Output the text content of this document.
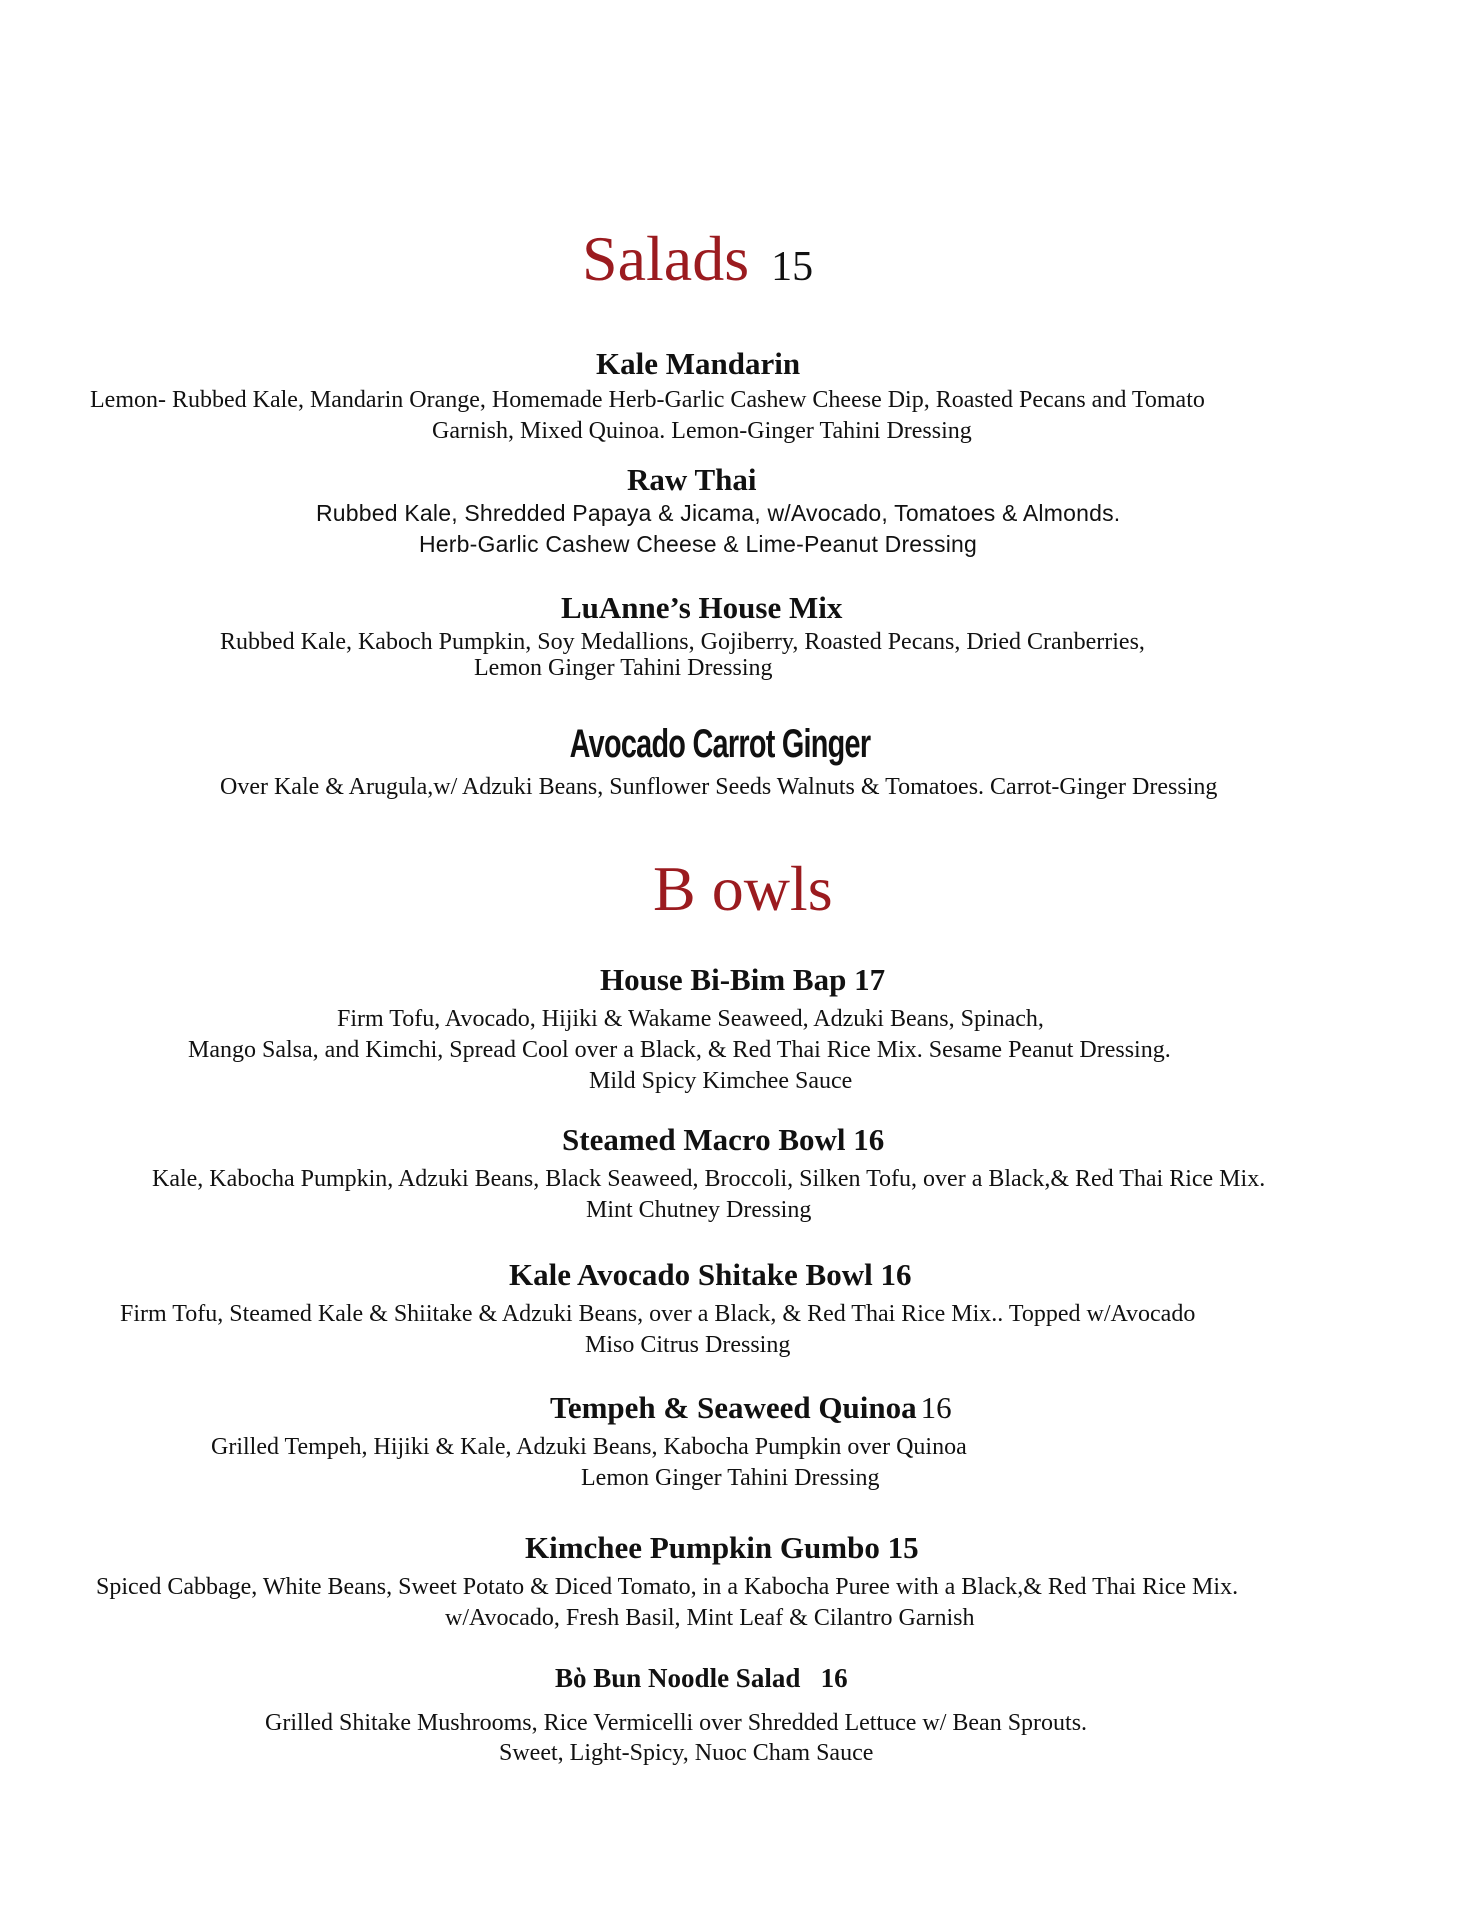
Salads 15
Kale Mandarin
Lemon- Rubbed Kale, Mandarin Orange, Homemade Herb-Garlic Cashew Cheese Dip, Roasted Pecans and Tomato
Garnish, Mixed Quinoa. Lemon-Ginger Tahini Dressing
Raw Thai
Rubbed Kale, Shredded Papaya & Jicama, w/Avocado, Tomatoes & Almonds.
Herb-Garlic Cashew Cheese & Lime-Peanut Dressing
LuAnne’s House Mix
Rubbed Kale, Kaboch Pumpkin, Soy Medallions, Gojiberry, Roasted Pecans, Dried Cranberries,
Lemon Ginger Tahini Dressing
Avocado Carrot Ginger
Over Kale & Arugula,w/ Adzuki Beans, Sunflower Seeds Walnuts & Tomatoes. Carrot-Ginger Dressing
B owls
House Bi-Bim Bap 17
Firm Tofu, Avocado, Hijiki & Wakame Seaweed, Adzuki Beans, Spinach,
Mango Salsa, and Kimchi, Spread Cool over a Black, & Red Thai Rice Mix. Sesame Peanut Dressing.
Mild Spicy Kimchee Sauce
Steamed Macro Bowl 16
Kale, Kabocha Pumpkin, Adzuki Beans, Black Seaweed, Broccoli, Silken Tofu, over a Black,& Red Thai Rice Mix.
Mint Chutney Dressing
Kale Avocado Shitake Bowl 16
Firm Tofu, Steamed Kale & Shiitake & Adzuki Beans, over a Black, & Red Thai Rice Mix.. Topped w/Avocado
Miso Citrus Dressing
Tempeh & Seaweed Quinoa 16
Grilled Tempeh, Hijiki & Kale, Adzuki Beans, Kabocha Pumpkin over Quinoa
Lemon Ginger Tahini Dressing
Kimchee Pumpkin Gumbo 15
Spiced Cabbage, White Beans, Sweet Potato & Diced Tomato, in a Kabocha Puree with a Black,& Red Thai Rice Mix.
w/Avocado, Fresh Basil, Mint Leaf & Cilantro Garnish
Bὸ Bun Noodle Salad   16
Grilled Shitake Mushrooms, Rice Vermicelli over Shredded Lettuce w/ Bean Sprouts.
Sweet, Light-Spicy, Nuoc Cham Sauce
